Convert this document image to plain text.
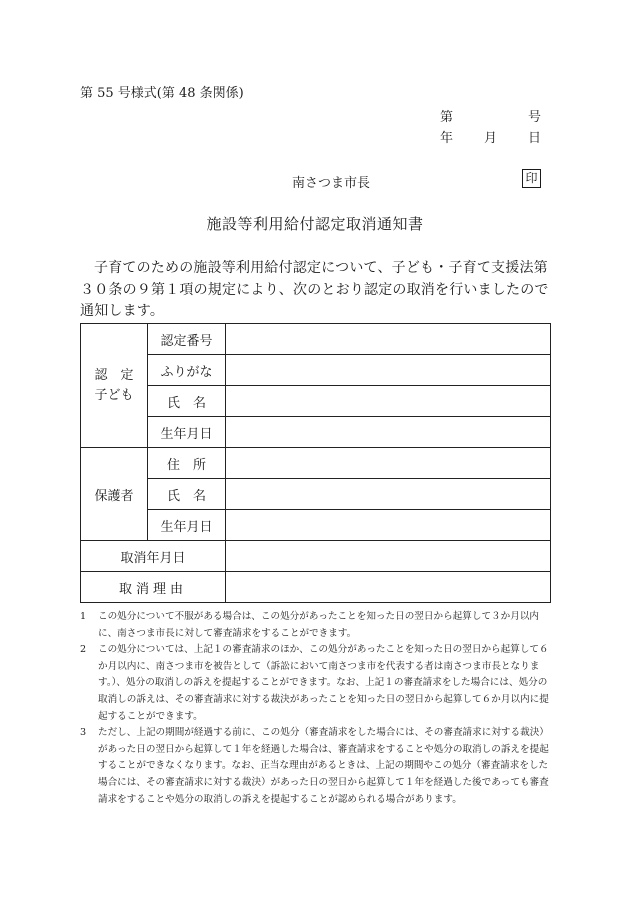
第 55 号様式(第 48 条関係)
第	号
年 月 日
南さつま市長	印
施設等利用給付認定取消通知書
子育てのための施設等利用給付認定について、子ども・子育て支援法第３０条の９第１項の規定により、次のとおり認定の取消を行いましたので通知します。
認　定
子ども	認定番号	
	ふりがな	
	氏　名	
	生年月日	
保護者	住　所	
	氏　名	
	生年月日	
取消年月日		
取消理由		
1	この処分について不服がある場合は、この処分があったことを知った日の翌日から起算して３か月以内に、南さつま市長に対して審査請求をすることができます。
2	この処分については、上記１の審査請求のほか、この処分があったことを知った日の翌日から起算して６か月以内に、南さつま市を被告として（訴訟において南さつま市を代表する者は南さつま市長となります。）、処分の取消しの訴えを提起することができます。なお、上記１の審査請求をした場合には、処分の取消しの訴えは、その審査請求に対する裁決があったことを知った日の翌日から起算して６か月以内に提起することができます。
3	ただし、上記の期間が経過する前に、この処分（審査請求をした場合には、その審査請求に対する裁決）があった日の翌日から起算して１年を経過した場合は、審査請求をすることや処分の取消しの訴えを提起することができなくなります。なお、正当な理由があるときは、上記の期間やこの処分（審査請求をした場合には、その審査請求に対する裁決）があった日の翌日から起算して１年を経過した後であっても審査請求をすることや処分の取消しの訴えを提起することが認められる場合があります。
